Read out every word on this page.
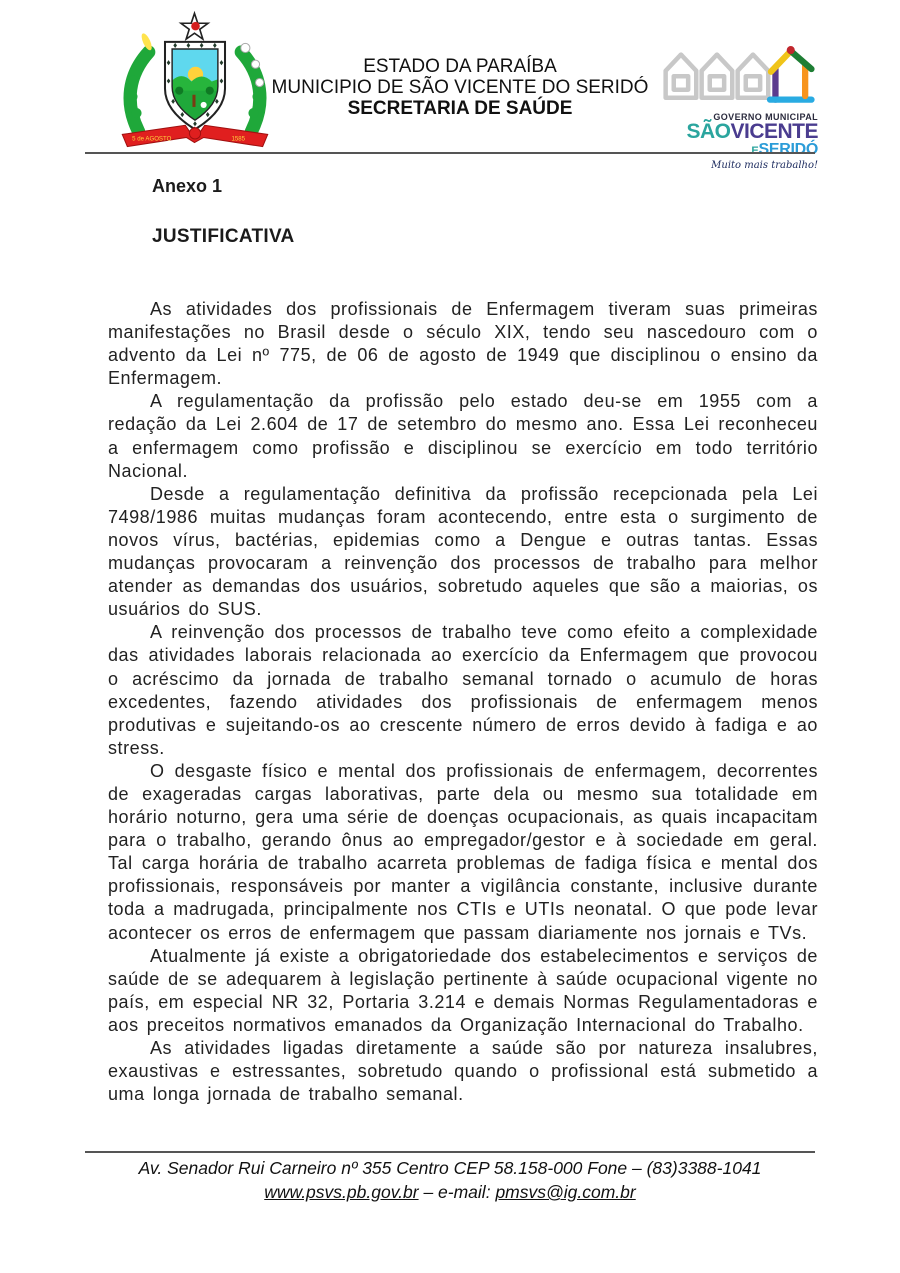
5 de AGOSTO	1585
ESTADO DA PARAÍBA
MUNICIPIO DE SÃO VICENTE DO SERIDÓ
SECRETARIA DE SAÚDE	GOVERNO MUNICIPAL
SÃOVICENTE
ESERIDÓ
Muito mais trabalho!
Anexo 1
JUSTIFICATIVA

As atividades dos profissionais de Enfermagem tiveram suas primeiras manifestações no Brasil desde o século XIX, tendo seu nascedouro com o advento da Lei nº 775, de 06 de agosto de 1949 que disciplinou o ensino da Enfermagem.

A regulamentação da profissão pelo estado deu-se em 1955 com a redação da Lei 2.604 de 17 de setembro do mesmo ano. Essa Lei reconheceu a enfermagem como profissão e disciplinou se exercício em todo território Nacional.

Desde a regulamentação definitiva da profissão recepcionada pela Lei 7498/1986 muitas mudanças foram acontecendo, entre esta o surgimento de novos vírus, bactérias, epidemias como a Dengue e outras tantas. Essas mudanças provocaram a reinvenção dos processos de trabalho para melhor atender as demandas dos usuários, sobretudo aqueles que são a maiorias, os usuários do SUS.

A reinvenção dos processos de trabalho teve como efeito a complexidade das atividades laborais relacionada ao exercício da Enfermagem que provocou o acréscimo da jornada de trabalho semanal tornado o acumulo de horas excedentes, fazendo atividades dos profissionais de enfermagem menos produtivas e sujeitando-os ao crescente número de erros devido à fadiga e ao stress.

O desgaste físico e mental dos profissionais de enfermagem, decorrentes de exageradas cargas laborativas, parte dela ou mesmo sua totalidade em horário noturno, gera uma série de doenças ocupacionais, as quais incapacitam para o trabalho, gerando ônus ao empregador/gestor e à sociedade em geral. Tal carga horária de trabalho acarreta problemas de fadiga física e mental dos profissionais, responsáveis por manter a vigilância constante, inclusive durante toda a madrugada, principalmente nos CTIs e UTIs neonatal. O que pode levar acontecer os erros de enfermagem que passam diariamente nos jornais e TVs.

Atualmente já existe a obrigatoriedade dos estabelecimentos e serviços de saúde de se adequarem à legislação pertinente à saúde ocupacional vigente no país, em especial NR 32, Portaria 3.214 e demais Normas Regulamentadoras e aos preceitos normativos emanados da Organização Internacional do Trabalho.

As atividades ligadas diretamente a saúde são por natureza insalubres, exaustivas e estressantes, sobretudo quando o profissional está submetido a uma longa jornada de trabalho semanal.

Av. Senador Rui Carneiro nº 355 Centro CEP 58.158-000 Fone – (83)3388-1041
www.psvs.pb.gov.br – e-mail: pmsvs@ig.com.br
